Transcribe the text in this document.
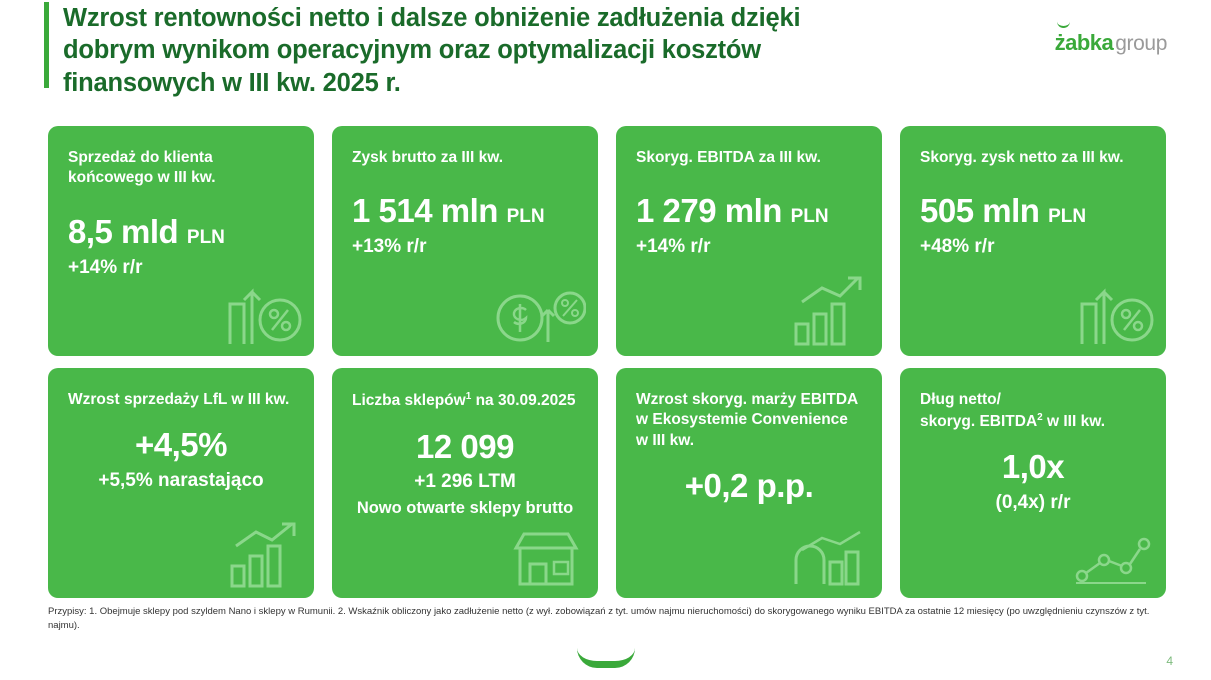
Wzrost rentowności netto i dalsze obniżenie zadłużenia dzięki dobrym wynikom operacyjnym oraz optymalizacji kosztów finansowych w III kw. 2025 r.
żabka group
Sprzedaż do klienta końcowego w III kw.
8,5 mld PLN
+14% r/r
Zysk brutto za III kw.
1 514 mln PLN
+13% r/r
Skoryg. EBITDA za III kw.
1 279 mln PLN
+14% r/r
Skoryg. zysk netto za III kw.
505 mln PLN
+48% r/r
Wzrost sprzedaży LfL w III kw.
+4,5%
+5,5% narastająco
Liczba sklepów$^1$ na 30.09.2025
12 099
+1 296 LTM
Nowo otwarte sklepy brutto
Wzrost skoryg. marży EBITDA w Ekosystemie Convenience w III kw.
+0,2 p.p.
Dług netto/
skoryg. EBITDA$^2$ w III kw.
1,0x
(0,4x) r/r
Przypisy: 1. Obejmuje sklepy pod szyldem Nano i sklepy w Rumunii. 2. Wskaźnik obliczony jako zadłużenie netto (z wył. zobowiązań z tyt. umów najmu nieruchomości) do skorygowanego wyniku EBITDA za ostatnie 12 miesięcy (po uwzględnieniu czynszów z tyt. najmu).
4
